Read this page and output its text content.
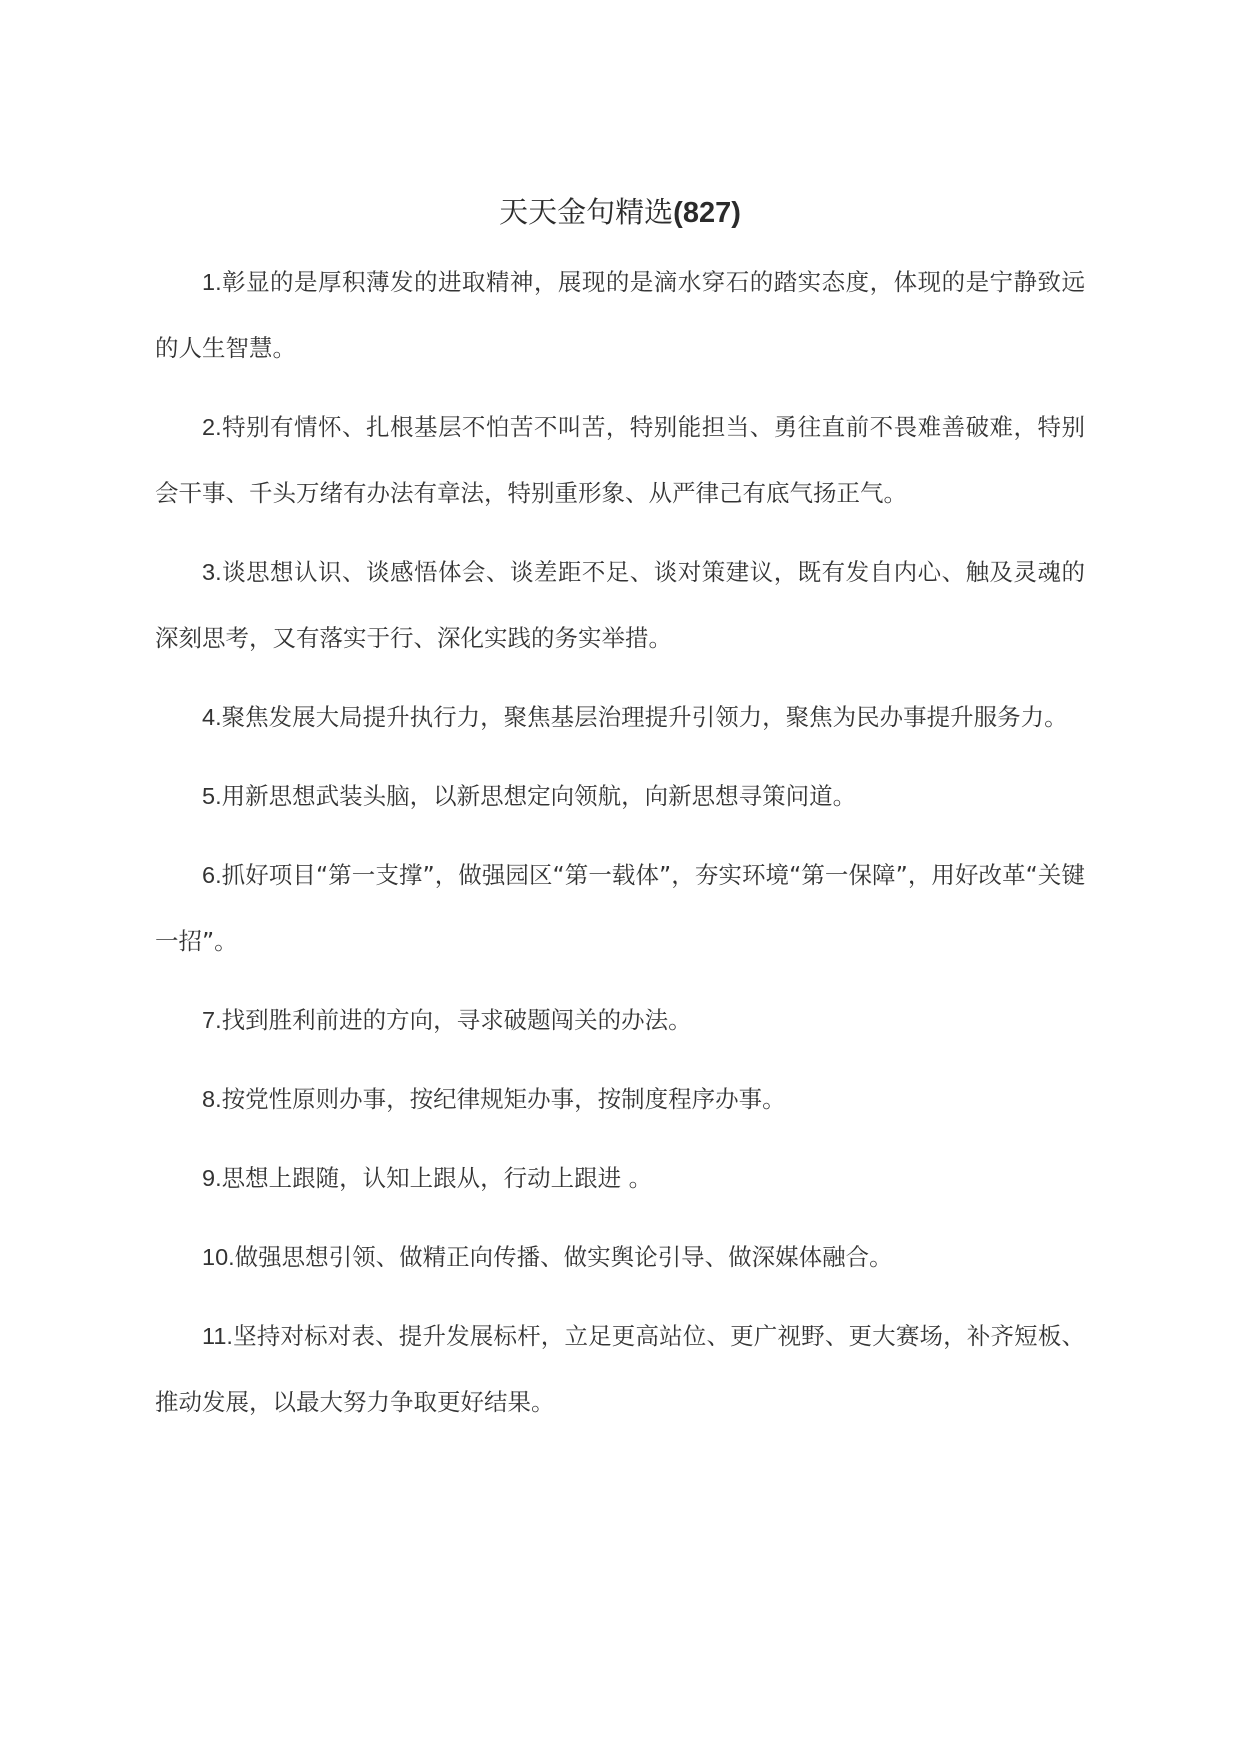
天天金句精选(827)

1.彰显的是厚积薄发的进取精神，展现的是滴水穿石的踏实态度，体现的是宁静致远的人生智慧。

2.特别有情怀、扎根基层不怕苦不叫苦，特别能担当、勇往直前不畏难善破难，特别会干事、千头万绪有办法有章法，特别重形象、从严律己有底气扬正气。

3.谈思想认识、谈感悟体会、谈差距不足、谈对策建议，既有发自内心、触及灵魂的深刻思考，又有落实于行、深化实践的务实举措。

4.聚焦发展大局提升执行力，聚焦基层治理提升引领力，聚焦为民办事提升服务力。

5.用新思想武装头脑，以新思想定向领航，向新思想寻策问道。

6.抓好项目“第一支撑”，做强园区“第一载体”，夯实环境“第一保障”，用好改革“关键一招”。

7.找到胜利前进的方向，寻求破题闯关的办法。

8.按党性原则办事，按纪律规矩办事，按制度程序办事。

9.思想上跟随，认知上跟从，行动上跟进 。

10.做强思想引领、做精正向传播、做实舆论引导、做深媒体融合。

11.坚持对标对表、提升发展标杆，立足更高站位、更广视野、更大赛场，补齐短板、推动发展，以最大努力争取更好结果。
